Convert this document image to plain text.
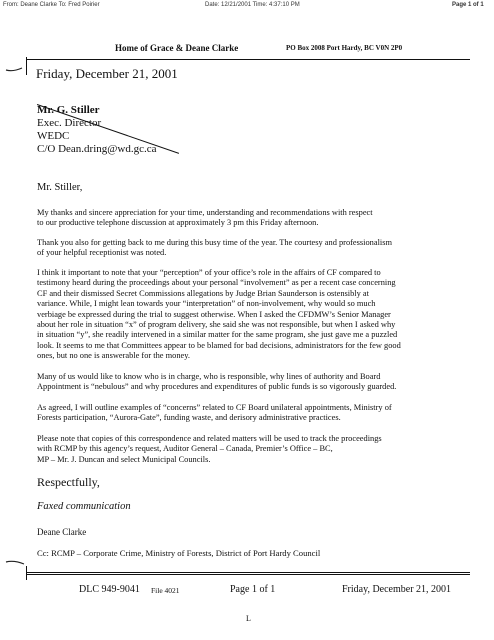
From: Deane Clarke To: Fred Poirier	Date: 12/21/2001 Time: 4:37:10 PM	Page 1 of 1
Home of Grace & Deane Clarke	PO Box 2008 Port Hardy, BC V0N 2P0
Friday, December 21, 2001
Mr. G. Stiller
Exec. Director
WEDC
C/O Dean.dring@wd.gc.ca
Mr. Stiller,
My thanks and sincere appreciation for your time, understanding and recommendations with respect
to our productive telephone discussion at approximately 3 pm this Friday afternoon.
Thank you also for getting back to me during this busy time of the year. The courtesy and professionalism
of your helpful receptionist was noted.
I think it important to note that your “perception” of your office’s role in the affairs of CF compared to
testimony heard during the proceedings about your personal “involvement” as per a recent case concerning
CF and their dismissed Secret Commissions allegations by Judge Brian Saunderson is ostensibly at
variance. While, I might lean towards your “interpretation” of non-involvement, why would so much
verbiage be expressed during the trial to suggest otherwise. When I asked the CFDMW’s Senior Manager
about her role in situation “x” of program delivery, she said she was not responsible, but when I asked why
in situation “y”, she readily intervened in a similar matter for the same program, she just gave me a puzzled
look. It seems to me that Committees appear to be blamed for bad decisions, administrators for the few good
ones, but no one is answerable for the money.
Many of us would like to know who is in charge, who is responsible, why lines of authority and Board
Appointment is “nebulous” and why procedures and expenditures of public funds is so vigorously guarded.
As agreed, I will outline examples of “concerns” related to CF Board unilateral appointments, Ministry of
Forests participation, “Aurora-Gate”, funding waste, and derisory administrative practices.
Please note that copies of this correspondence and related matters will be used to track the proceedings
with RCMP by this agency’s request, Auditor General – Canada, Premier’s Office – BC,
MP – Mr. J. Duncan and select Municipal Councils.
Respectfully,
Faxed communication
Deane Clarke
Cc: RCMP – Corporate Crime, Ministry of Forests, District of Port Hardy Council
DLC 949-9041 File 4021	Page 1 of 1	Friday, December 21, 2001
L
